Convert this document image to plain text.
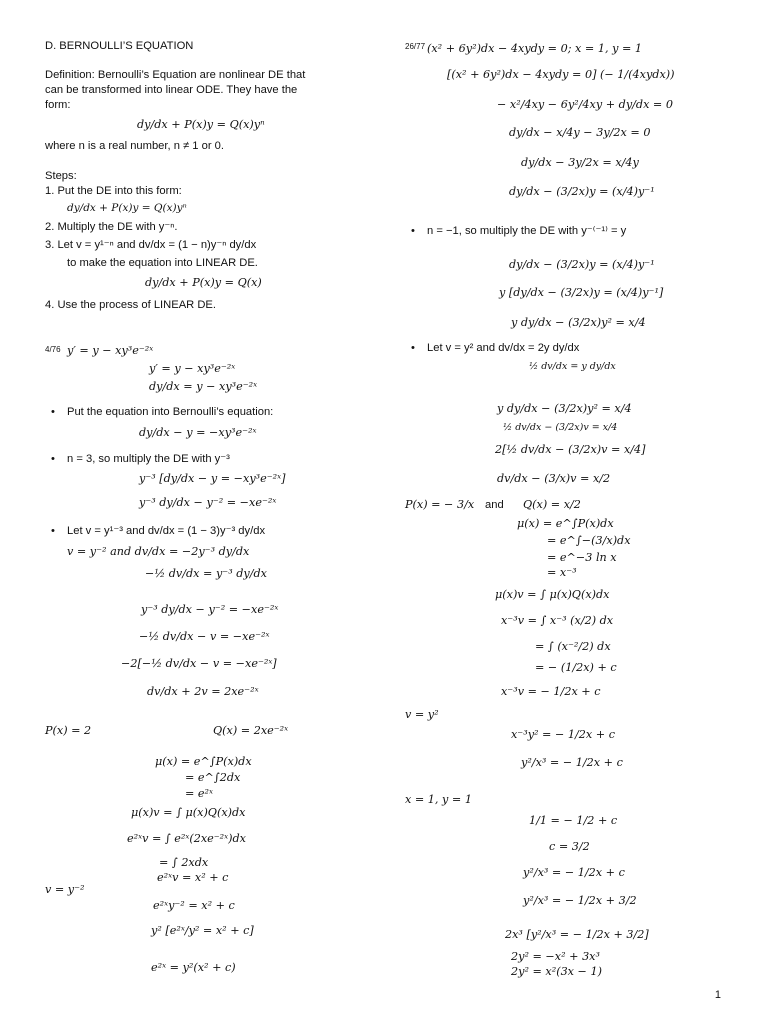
D. BERNOULLI’S EQUATION
Definition: Bernoulli’s Equation are nonlinear DE that
can be transformed into linear ODE. They have the
form:
dy/dx + P(x)y = Q(x)yⁿ
where n is a real number, n ≠ 1 or 0.
Steps:
1. Put the DE into this form:
dy/dx + P(x)y = Q(x)yⁿ
2. Multiply the DE with y⁻ⁿ.
3. Let v = y¹⁻ⁿ and dv/dx = (1 − n)y⁻ⁿ dy/dx
to make the equation into LINEAR DE.
dy/dx + P(x)y = Q(x)
4. Use the process of LINEAR DE.
4/76 y′ = y − xy³e⁻²ˣ
y′ = y − xy³e⁻²ˣ
dy/dx = y − xy³e⁻²ˣ
• Put the equation into Bernoulli’s equation:
dy/dx − y = −xy³e⁻²ˣ
• n = 3, so multiply the DE with y⁻³
y⁻³ [dy/dx − y = −xy³e⁻²ˣ]
y⁻³ dy/dx − y⁻² = −xe⁻²ˣ
• Let v = y¹⁻³ and dv/dx = (1 − 3)y⁻³ dy/dx
v = y⁻² and dv/dx = −2y⁻³ dy/dx
−½ dv/dx = y⁻³ dy/dx
y⁻³ dy/dx − y⁻² = −xe⁻²ˣ
−½ dv/dx − v = −xe⁻²ˣ
−2[−½ dv/dx − v = −xe⁻²ˣ]
dv/dx + 2v = 2xe⁻²ˣ
P(x) = 2	Q(x) = 2xe⁻²ˣ
μ(x) = e^∫P(x)dx
= e^∫2dx
= e²ˣ
μ(x)v = ∫ μ(x)Q(x)dx
e²ˣv = ∫ e²ˣ(2xe⁻²ˣ)dx
= ∫ 2xdx
e²ˣv = x² + c
v = y⁻²
e²ˣy⁻² = x² + c
y² [e²ˣ/y² = x² + c]
e²ˣ = y²(x² + c)
26/77 (x² + 6y²)dx − 4xydy = 0; x = 1, y = 1
[(x² + 6y²)dx − 4xydy = 0] (− 1/(4xydx))
− x²/4xy − 6y²/4xy + dy/dx = 0
dy/dx − x/4y − 3y/2x = 0
dy/dx − 3y/2x = x/4y
dy/dx − (3/2x)y = (x/4)y⁻¹
• n = −1, so multiply the DE with y⁻⁽⁻¹⁾ = y
dy/dx − (3/2x)y = (x/4)y⁻¹
y [dy/dx − (3/2x)y = (x/4)y⁻¹]
y dy/dx − (3/2x)y² = x/4
• Let v = y² and dv/dx = 2y dy/dx
½ dv/dx = y dy/dx
y dy/dx − (3/2x)y² = x/4
½ dv/dx − (3/2x)v = x/4
2[½ dv/dx − (3/2x)v = x/4]
dv/dx − (3/x)v = x/2
P(x) = − 3/x and Q(x) = x/2
μ(x) = e^∫P(x)dx
= e^∫−(3/x)dx
= e^−3 ln x
= x⁻³
μ(x)v = ∫ μ(x)Q(x)dx
x⁻³v = ∫ x⁻³ (x/2) dx
= ∫ (x⁻²/2) dx
= − (1/2x) + c
x⁻³v = − 1/2x + c
v = y²
x⁻³y² = − 1/2x + c
y²/x³ = − 1/2x + c
x = 1, y = 1
1/1 = − 1/2 + c
c = 3/2
y²/x³ = − 1/2x + c
y²/x³ = − 1/2x + 3/2
2x³ [y²/x³ = − 1/2x + 3/2]
2y² = −x² + 3x³
2y² = x²(3x − 1)
1
